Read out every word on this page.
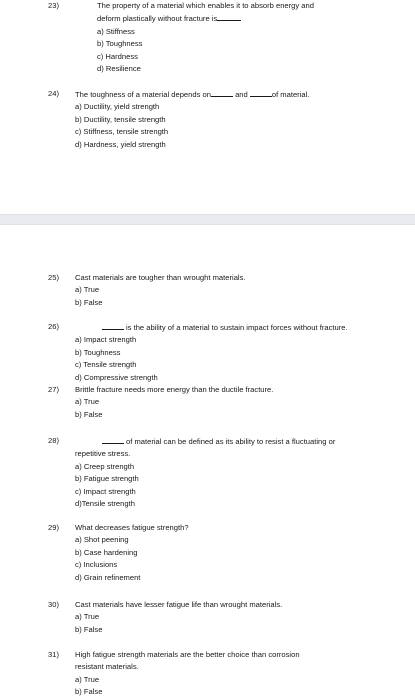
23)	The property of a material which enables it to absorb energy and
deform plastically without fracture is
a) Stiffness
b) Toughness
c) Hardness
d) Resilience
24) The toughness of a material depends on	and	of material.
a) Ductility, yield strength
b) Ductility, tensile strength
c) Stiffness, tensile strength
d) Hardness, yield strength
25) Cast materials are tougher than wrought materials.
a) True
b) False
26)	is the ability of a material to sustain impact forces without fracture.
a) Impact strength
b) Toughness
c) Tensile strength
d) Compressive strength
27) Brittle fracture needs more energy than the ductile fracture.
a) True
b) False
28)	of material can be defined as its ability to resist a fluctuating or
repetitive stress.
a) Creep strength
b) Fatigue strength
c) Impact strength
d)Tensile strength
29) What decreases fatigue strength?
a) Shot peening
b) Case hardening
c) Inclusions
d) Grain refinement
30) Cast materials have lesser fatigue life than wrought materials.
a) True
b) False
31) High fatigue strength materials are the better choice than corrosion
resistant materials.
a) True
b) False
